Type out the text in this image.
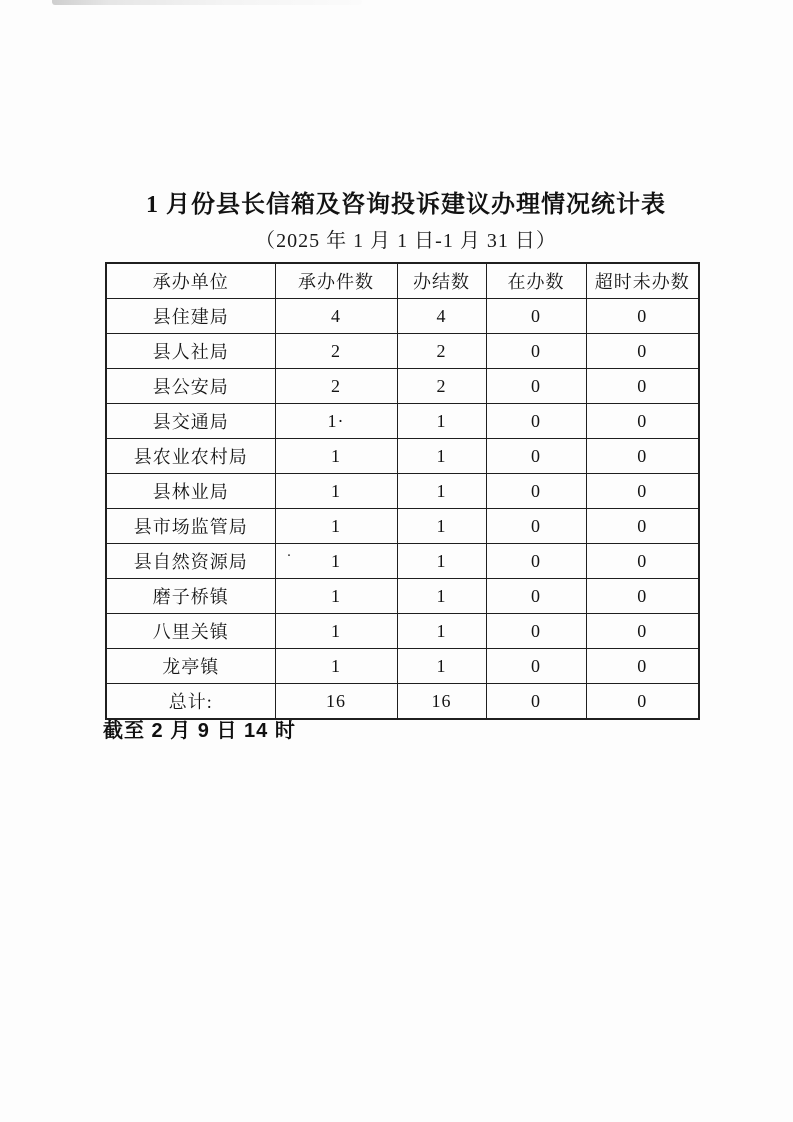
1 月份县长信箱及咨询投诉建议办理情况统计表
（2025 年 1 月 1 日-1 月 31 日）
承办单位	承办件数	办结数	在办数	超时未办数
县住建局	4	4	0	0
县人社局	2	2	0	0
县公安局	2	2	0	0
县交通局	1·	1	0	0
县农业农村局	1	1	0	0
县林业局	1	1	0	0
县市场监管局	1	1	0	0
县自然资源局	· 1	1	0	0
磨子桥镇	1	1	0	0
八里关镇	1	1	0	0
龙亭镇	1	1	0	0
总计:	16	16	0	0
截至 2 月 9 日 14 时
